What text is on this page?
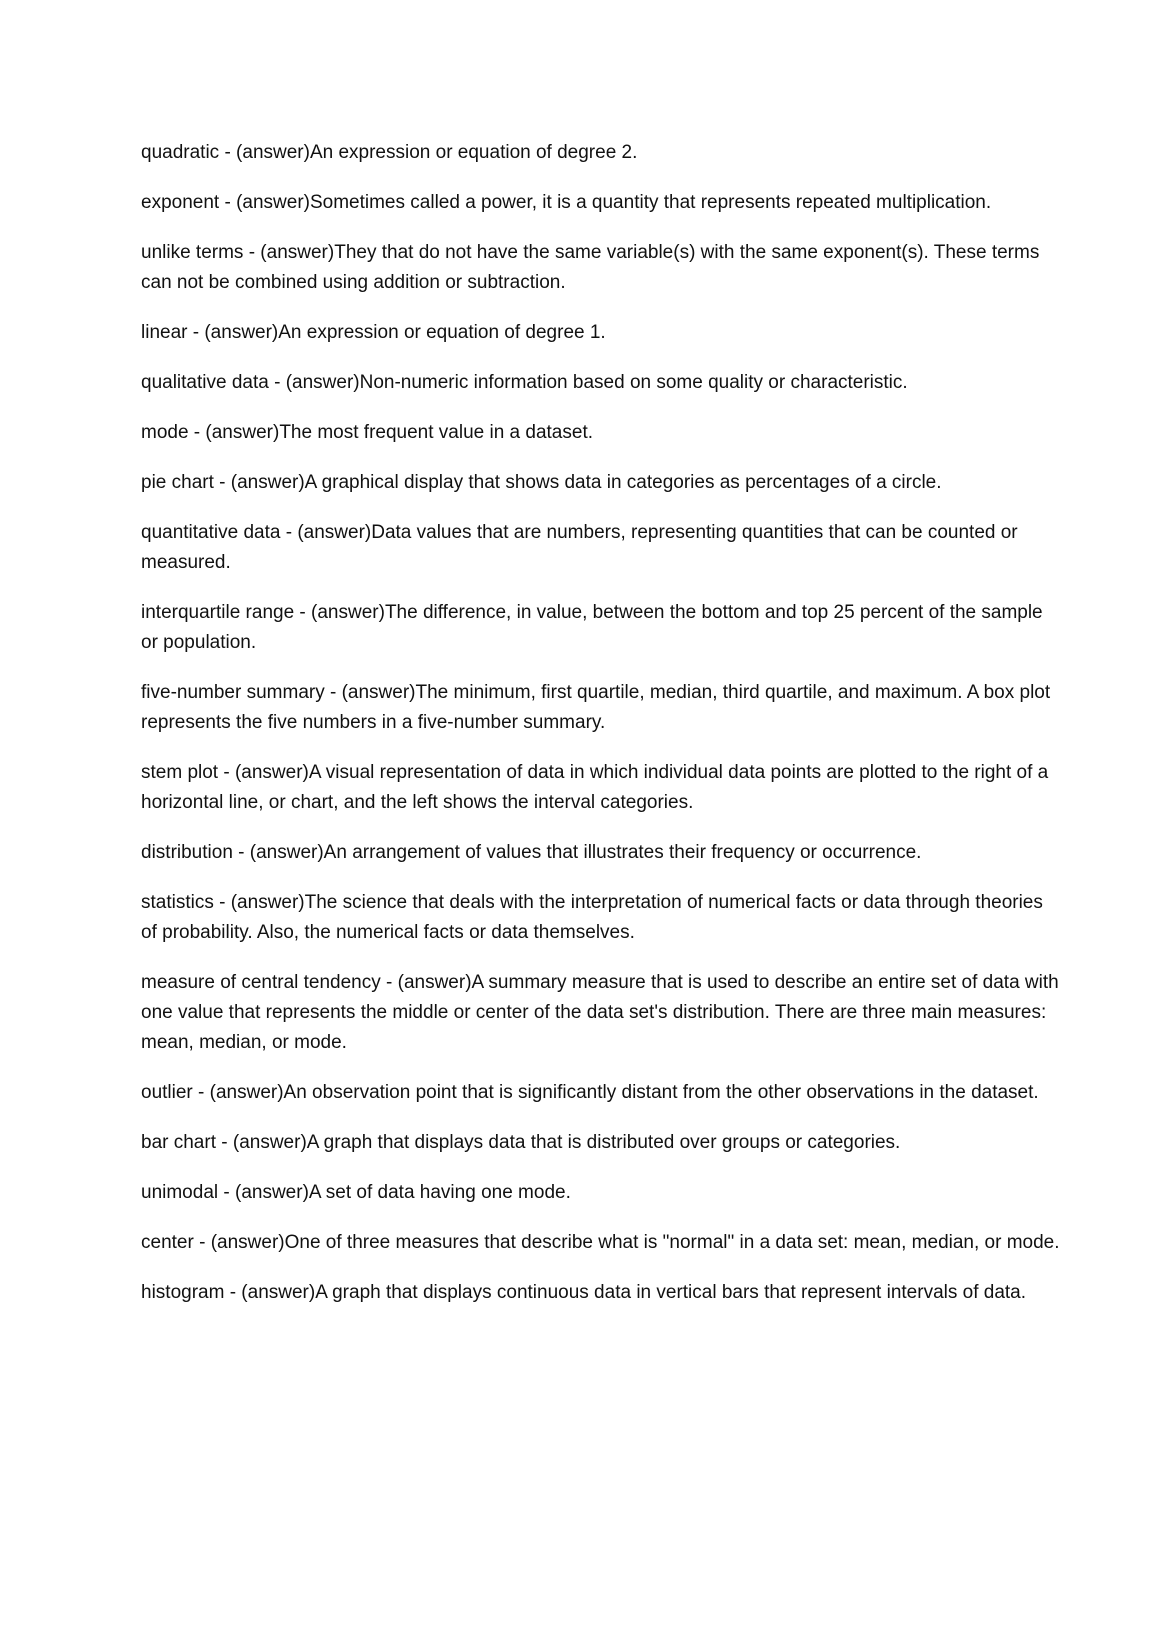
quadratic - (answer)An expression or equation of degree 2.

exponent - (answer)Sometimes called a power, it is a quantity that represents repeated multiplication.

unlike terms - (answer)They that do not have the same variable(s) with the same exponent(s). These terms can not be combined using addition or subtraction.

linear - (answer)An expression or equation of degree 1.

qualitative data - (answer)Non-numeric information based on some quality or characteristic.

mode - (answer)The most frequent value in a dataset.

pie chart - (answer)A graphical display that shows data in categories as percentages of a circle.

quantitative data - (answer)Data values that are numbers, representing quantities that can be counted or measured.

interquartile range - (answer)The difference, in value, between the bottom and top 25 percent of the sample or population.

five-number summary - (answer)The minimum, first quartile, median, third quartile, and maximum. A box plot represents the five numbers in a five-number summary.

stem plot - (answer)A visual representation of data in which individual data points are plotted to the right of a horizontal line, or chart, and the left shows the interval categories.

distribution - (answer)An arrangement of values that illustrates their frequency or occurrence.

statistics - (answer)The science that deals with the interpretation of numerical facts or data through theories of probability. Also, the numerical facts or data themselves.

measure of central tendency - (answer)A summary measure that is used to describe an entire set of data with one value that represents the middle or center of the data set's distribution. There are three main measures: mean, median, or mode.

outlier - (answer)An observation point that is significantly distant from the other observations in the dataset.

bar chart - (answer)A graph that displays data that is distributed over groups or categories.

unimodal - (answer)A set of data having one mode.

center - (answer)One of three measures that describe what is "normal" in a data set: mean, median, or mode.

histogram - (answer)A graph that displays continuous data in vertical bars that represent intervals of data.
